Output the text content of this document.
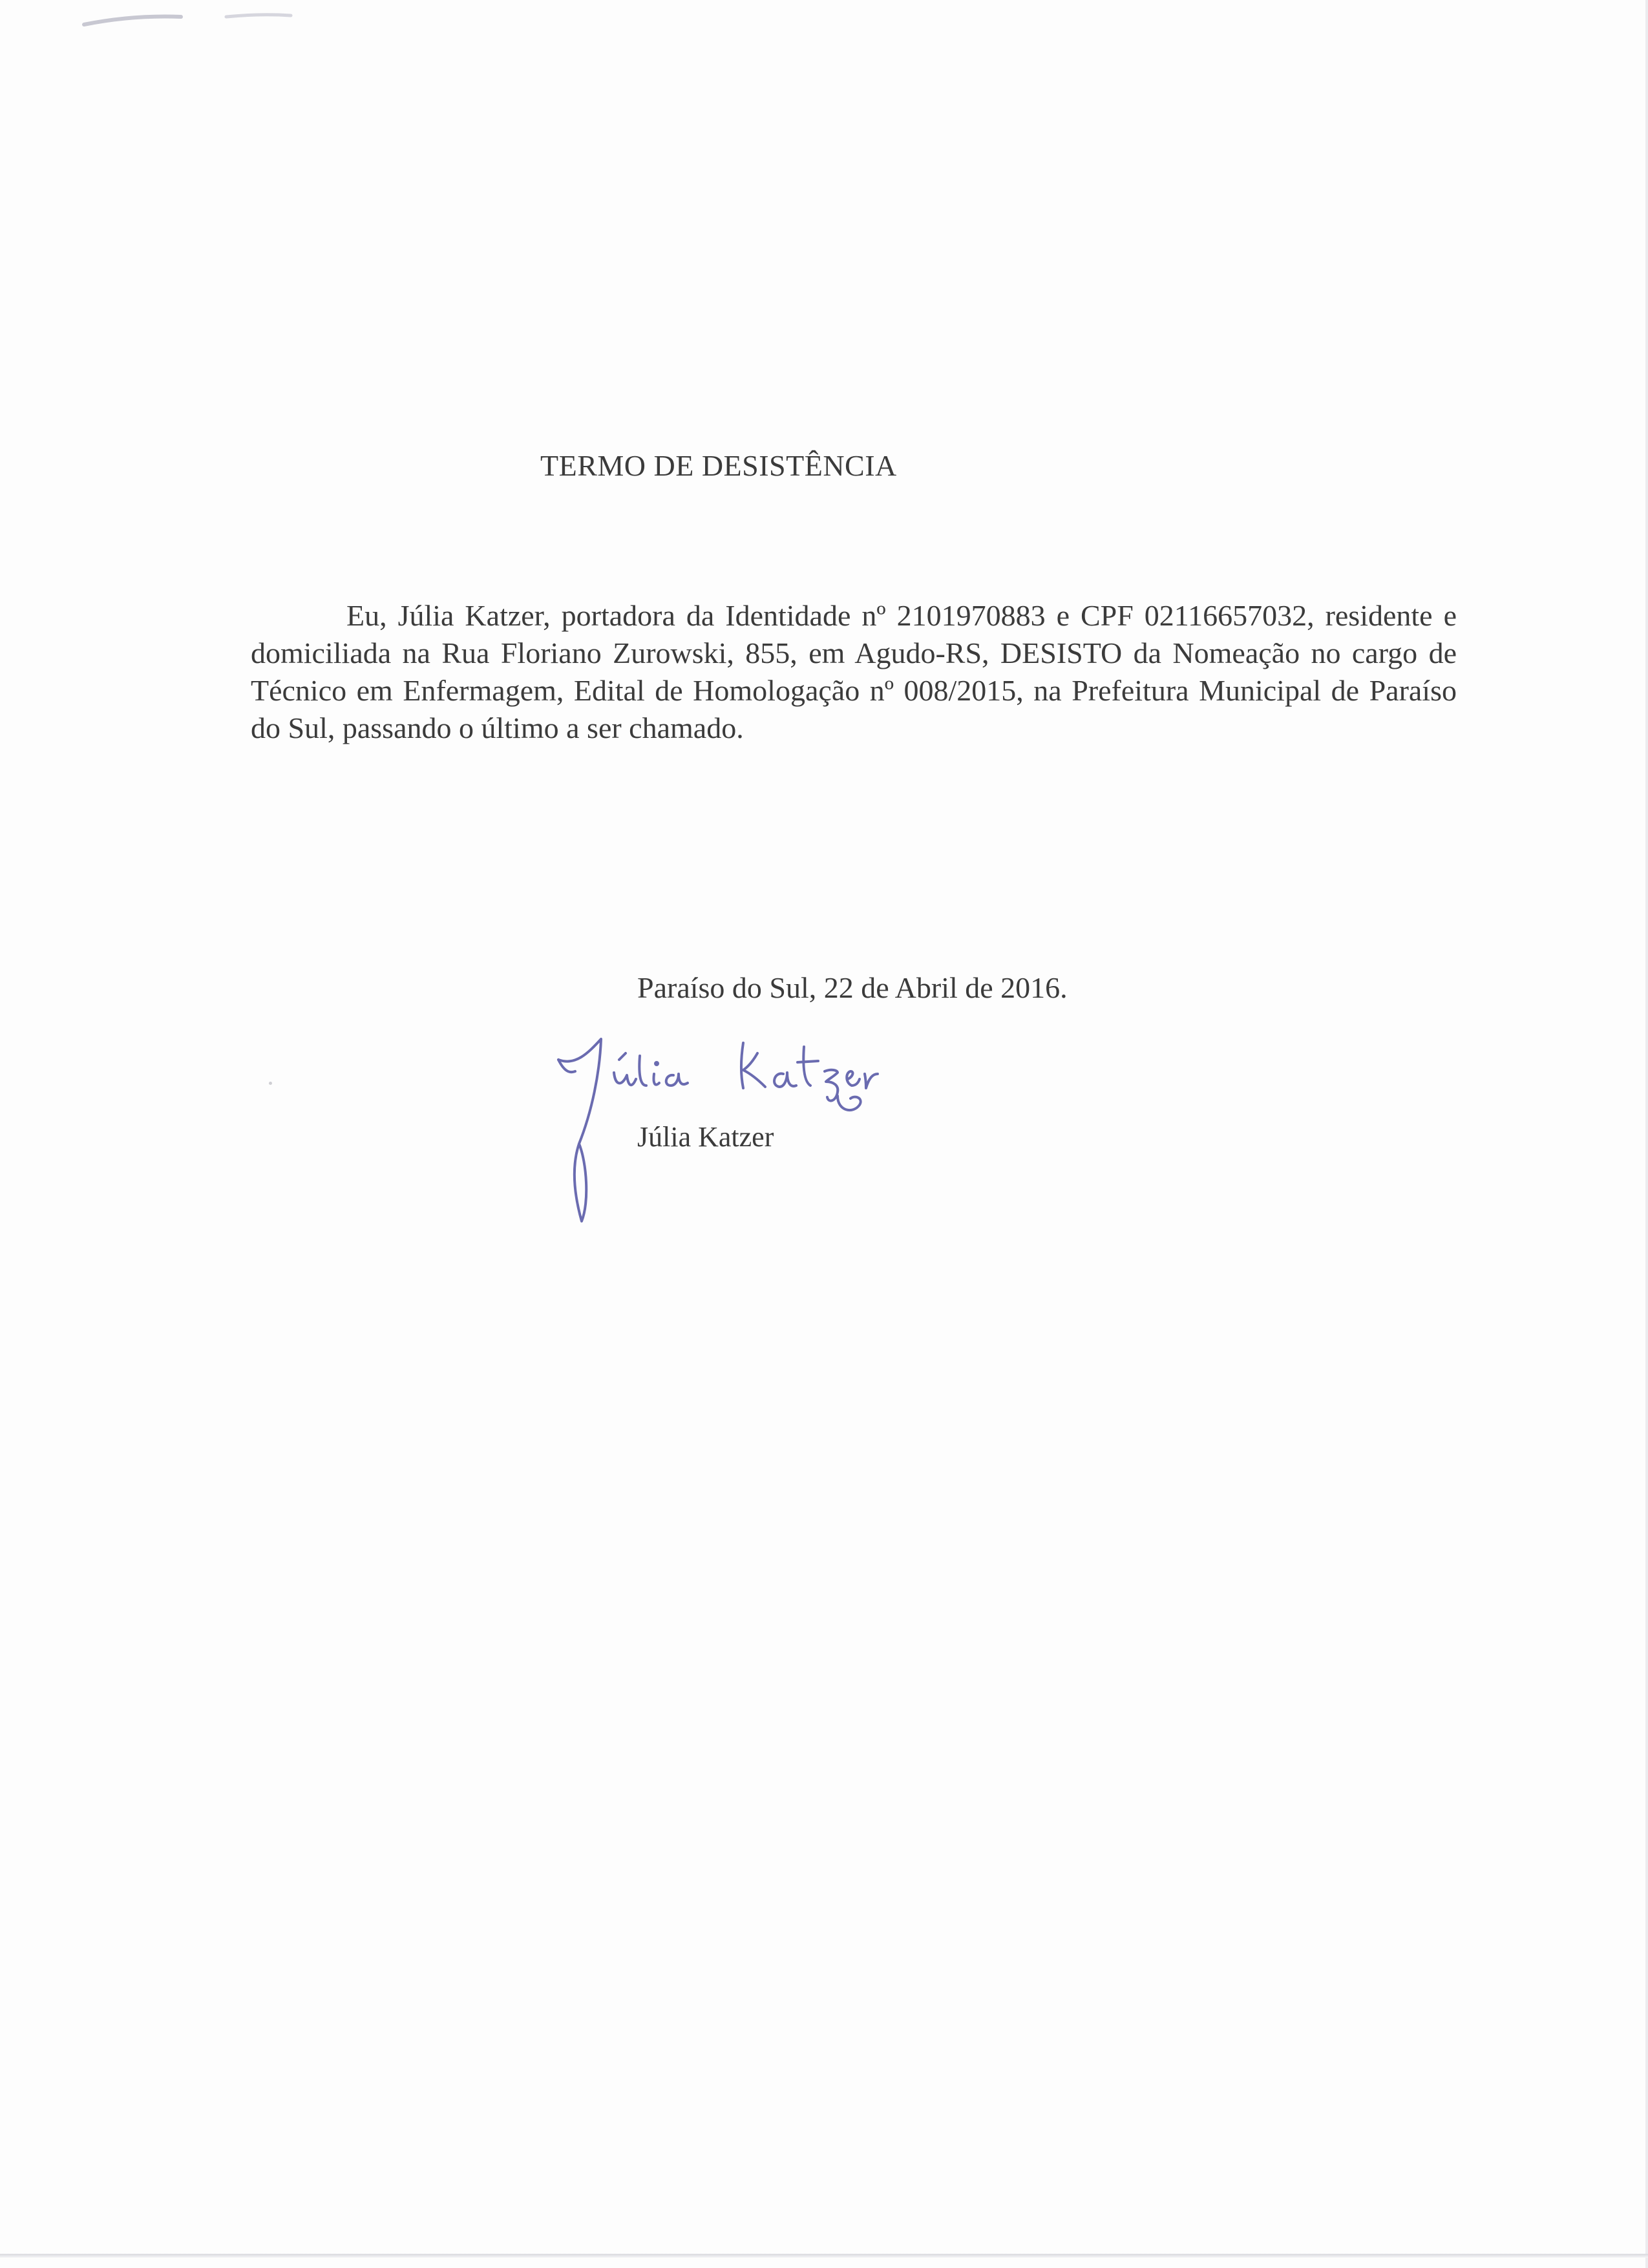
TERMO DE DESISTÊNCIA

Eu, Júlia Katzer, portadora da Identidade nº 2101970883 e CPF 02116657032, residente e domiciliada na Rua Floriano Zurowski, 855, em Agudo-RS, DESISTO da Nomeação no cargo de Técnico em Enfermagem, Edital de Homologação nº 008/2015, na Prefeitura Municipal de Paraíso do Sul, passando o último a ser chamado.

Paraíso do Sul, 22 de Abril de 2016.

Júlia Katzer
